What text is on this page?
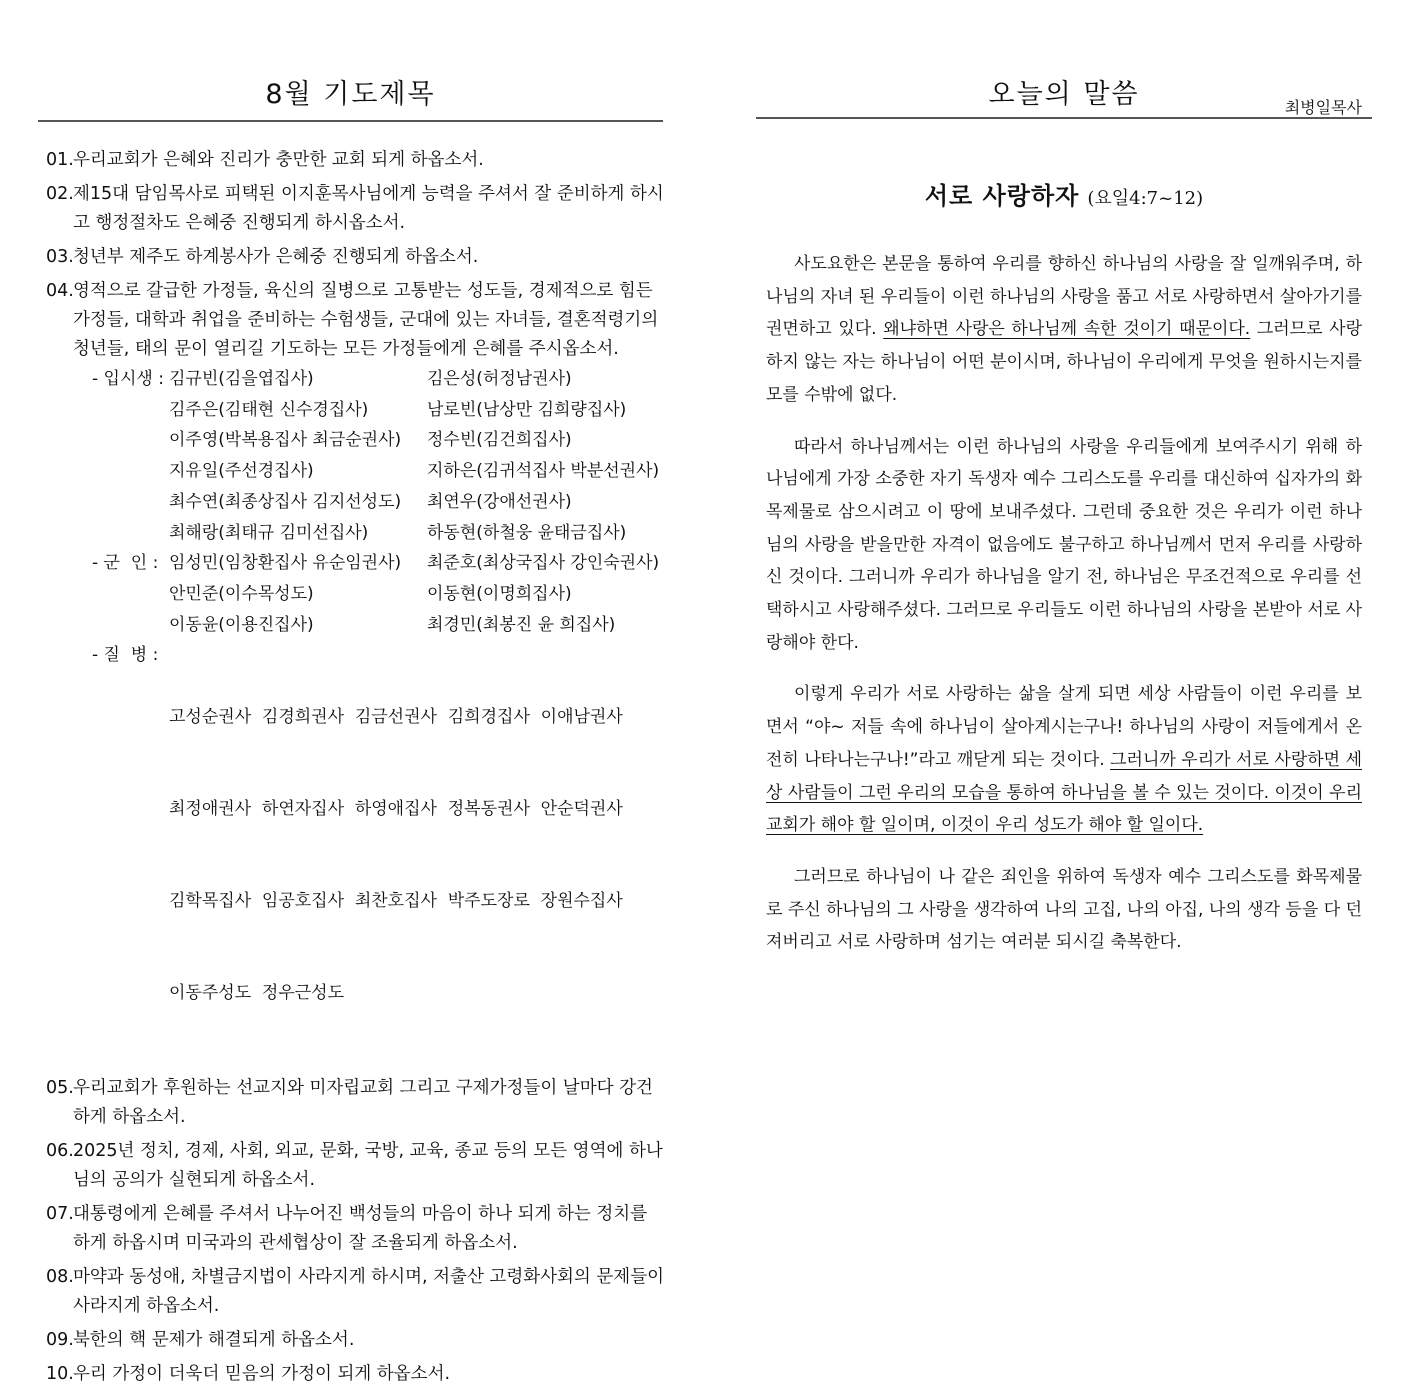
8월 기도제목
01. 우리교회가 은혜와 진리가 충만한 교회 되게 하옵소서.
02. 제15대 담임목사로 피택된 이지훈목사님에게 능력을 주셔서 잘 준비하게 하시고 행정절차도 은혜중 진행되게 하시옵소서.
03. 청년부 제주도 하계봉사가 은혜중 진행되게 하옵소서.
04. 영적으로 갈급한 가정들, 육신의 질병으로 고통받는 성도들, 경제적으로 힘든 가정들, 대학과 취업을 준비하는 수험생들, 군대에 있는 자녀들, 결혼적령기의 청년들, 태의 문이 열리길 기도하는 모든 가정들에게 은혜를 주시옵소서.
- 입시생 : 김규빈(김을엽집사)	김은성(허정남권사)
김주은(김태현 신수경집사)	남로빈(남상만 김희량집사)
이주영(박복용집사 최금순권사)	정수빈(김건희집사)
지유일(주선경집사)	지하은(김귀석집사 박분선권사)
최수연(최종상집사 김지선성도)	최연우(강애선권사)
최해랑(최태규 김미선집사)	하동현(하철웅 윤태금집사)
- 군  인 : 임성민(임창환집사 유순임권사)	최준호(최상국집사 강인숙권사)
안민준(이수목성도)	이동현(이명희집사)
이동윤(이용진집사)	최경민(최봉진 윤 희집사)
- 질  병 :

고성순권사  김경희권사  김금선권사  김희경집사  이애남권사

최정애권사  하연자집사  하영애집사  정복동권사  안순덕권사

김학목집사  임공호집사  최찬호집사  박주도장로  장원수집사

이동주성도  정우근성도

05. 우리교회가 후원하는 선교지와 미자립교회 그리고 구제가정들이 날마다 강건하게 하옵소서.
06. 2025년 정치, 경제, 사회, 외교, 문화, 국방, 교육, 종교 등의 모든 영역에 하나님의 공의가 실현되게 하옵소서.
07. 대통령에게 은혜를 주셔서 나누어진 백성들의 마음이 하나 되게 하는 정치를 하게 하옵시며 미국과의 관세협상이 잘 조율되게 하옵소서.
08. 마약과 동성애, 차별금지법이 사라지게 하시며, 저출산 고령화사회의 문제들이 사라지게 하옵소서.
09. 북한의 핵 문제가 해결되게 하옵소서.
10. 우리 가정이 더욱더 믿음의 가정이 되게 하옵소서.
오늘의 말씀	최병일목사
서로 사랑하자 (요일4:7~12)

사도요한은 본문을 통하여 우리를 향하신 하나님의 사랑을 잘 일깨워주며, 하나님의 자녀 된 우리들이 이런 하나님의 사랑을 품고 서로 사랑하면서 살아가기를 권면하고 있다. 왜냐하면 사랑은 하나님께 속한 것이기 때문이다. 그러므로 사랑하지 않는 자는 하나님이 어떤 분이시며, 하나님이 우리에게 무엇을 원하시는지를 모를 수밖에 없다.

따라서 하나님께서는 이런 하나님의 사랑을 우리들에게 보여주시기 위해 하나님에게 가장 소중한 자기 독생자 예수 그리스도를 우리를 대신하여 십자가의 화목제물로 삼으시려고 이 땅에 보내주셨다. 그런데 중요한 것은 우리가 이런 하나님의 사랑을 받을만한 자격이 없음에도 불구하고 하나님께서 먼저 우리를 사랑하신 것이다. 그러니까 우리가 하나님을 알기 전, 하나님은 무조건적으로 우리를 선택하시고 사랑해주셨다. 그러므로 우리들도 이런 하나님의 사랑을 본받아 서로 사랑해야 한다.

이렇게 우리가 서로 사랑하는 삶을 살게 되면 세상 사람들이 이런 우리를 보면서 “야~ 저들 속에 하나님이 살아계시는구나! 하나님의 사랑이 저들에게서 온전히 나타나는구나!”라고 깨닫게 되는 것이다. 그러니까 우리가 서로 사랑하면 세상 사람들이 그런 우리의 모습을 통하여 하나님을 볼 수 있는 것이다. 이것이 우리 교회가 해야 할 일이며, 이것이 우리 성도가 해야 할 일이다.

그러므로 하나님이 나 같은 죄인을 위하여 독생자 예수 그리스도를 화목제물로 주신 하나님의 그 사랑을 생각하여 나의 고집, 나의 아집, 나의 생각 등을 다 던져버리고 서로 사랑하며 섬기는 여러분 되시길 축복한다.
